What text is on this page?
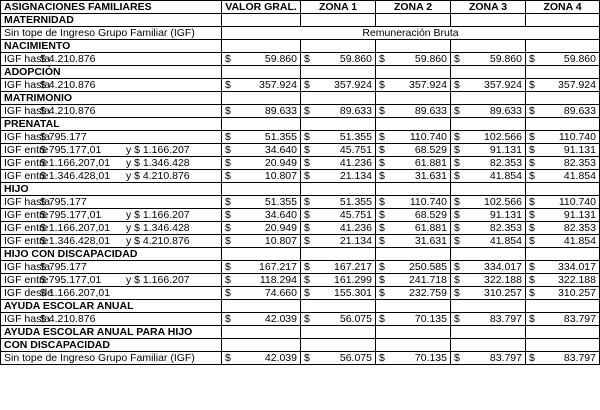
ASIGNACIONES FAMILIARES	VALOR GRAL.	ZONA 1	ZONA 2	ZONA 3	ZONA 4
MATERNIDAD					
Sin tope de Ingreso Grupo Familiar (IGF)	Remuneración Bruta				
NACIMIENTO					

IGF hasta
$ 4.210.876	$ 59.860	$ 59.860	$ 59.860	$ 59.860	$ 59.860

ADOPCIÓN					

IGF hasta
$ 4.210.876	$ 357.924	$ 357.924	$ 357.924	$ 357.924	$ 357.924

MATRIMONIO					

IGF hasta
$ 4.210.876	$ 89.633	$ 89.633	$ 89.633	$ 89.633	$ 89.633

PRENATAL					

IGF hasta
$ 795.177	$ 51.355	$ 51.355	$ 110.740	$ 102.566	$ 110.740

IGF entre
$ 795.177,01 y $ 1.166.207	$ 34.640	$ 45.751	$ 68.529	$ 91.131	$ 91.131

IGF entre
$ 1.166.207,01 y $ 1.346.428	$ 20.949	$ 41.236	$ 61.881	$ 82.353	$ 82.353

IGF entre
$ 1.346.428,01 y $ 4.210.876	$ 10.807	$ 21.134	$ 31.631	$ 41.854	$ 41.854

HIJO					

IGF hasta
$ 795.177	$ 51.355	$ 51.355	$ 110.740	$ 102.566	$ 110.740

IGF entre
$ 795.177,01 y $ 1.166.207	$ 34.640	$ 45.751	$ 68.529	$ 91.131	$ 91.131

IGF entre
$ 1.166.207,01 y $ 1.346.428	$ 20.949	$ 41.236	$ 61.881	$ 82.353	$ 82.353

IGF entre
$ 1.346.428,01 y $ 4.210.876	$ 10.807	$ 21.134	$ 31.631	$ 41.854	$ 41.854

HIJO CON DISCAPACIDAD					

IGF hasta
$ 795.177	$ 167.217	$ 167.217	$ 250.585	$ 334.017	$ 334.017

IGF entre
$ 795.177,01 y $ 1.166.207	$ 118.294	$ 161.299	$ 241.718	$ 322.188	$ 322.188

IGF desde
$ 1.166.207,01	$ 74.660	$ 155.301	$ 232.759	$ 310.257	$ 310.257

AYUDA ESCOLAR ANUAL					

IGF hasta
$ 4.210.876	$ 42.039	$ 56.075	$ 70.135	$ 83.797	$ 83.797

AYUDA ESCOLAR ANUAL PARA HIJO					
CON DISCAPACIDAD					
Sin tope de Ingreso Grupo Familiar (IGF)	$ 42.039	$ 56.075	$ 70.135	$ 83.797	$ 83.797
